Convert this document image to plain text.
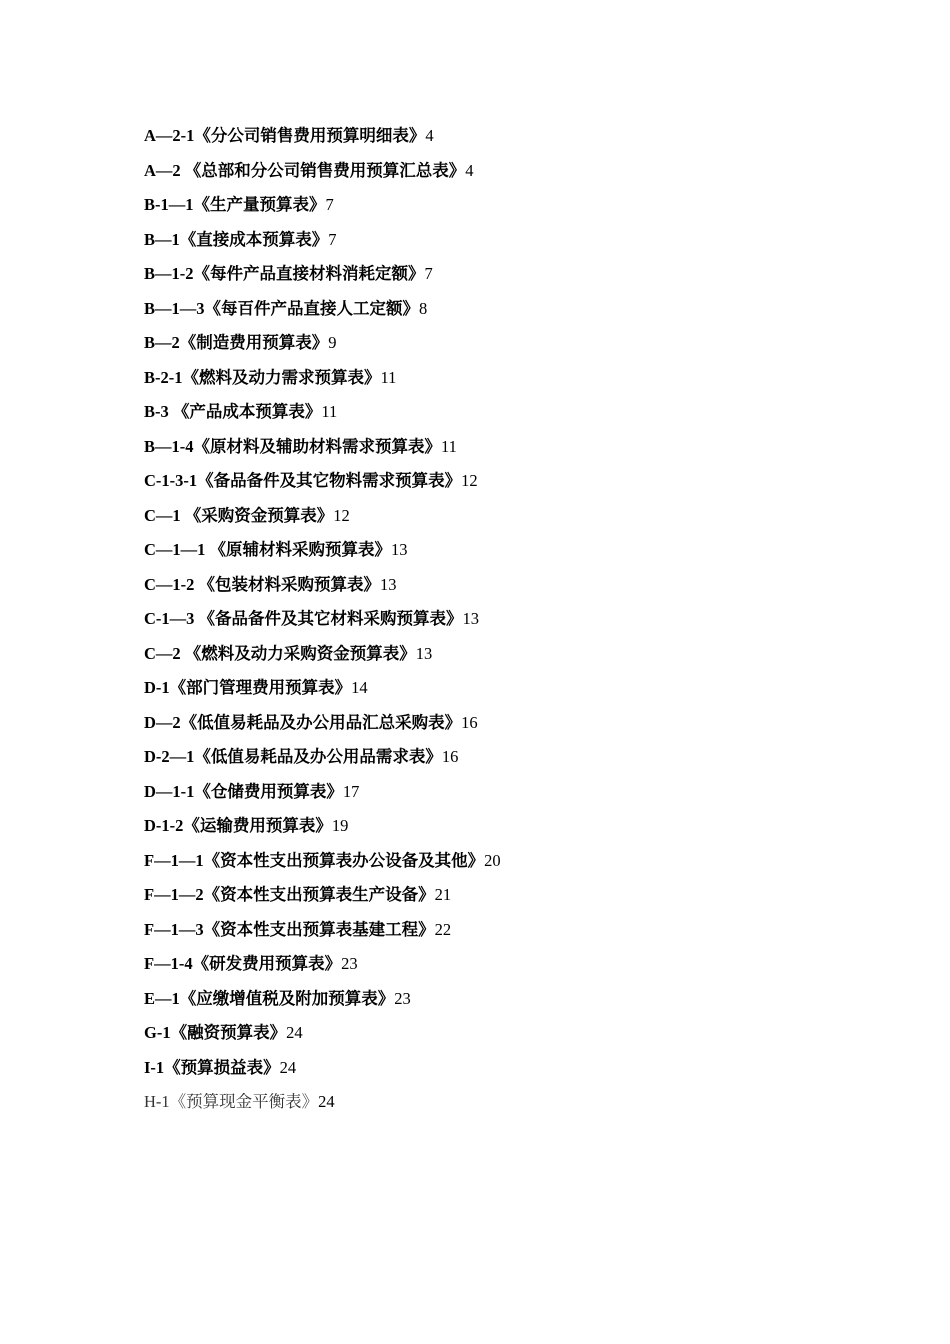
A—2-1《分公司销售费用预算明细表》4
A—2 《总部和分公司销售费用预算汇总表》4
B-1—1《生产量预算表》7
B—1《直接成本预算表》7
B—1-2《每件产品直接材料消耗定额》7
B—1—3《每百件产品直接人工定额》8
B—2《制造费用预算表》9
B-2-1《燃料及动力需求预算表》11
B-3 《产品成本预算表》11
B—1-4《原材料及辅助材料需求预算表》11
C-1-3-1《备品备件及其它物料需求预算表》12
C—1 《采购资金预算表》12
C—1—1 《原辅材料采购预算表》13
C—1-2 《包装材料采购预算表》13
C-1—3 《备品备件及其它材料采购预算表》13
C—2 《燃料及动力采购资金预算表》13
D-1《部门管理费用预算表》14
D—2《低值易耗品及办公用品汇总采购表》16
D-2—1《低值易耗品及办公用品需求表》16
D—1-1《仓储费用预算表》17
D-1-2《运输费用预算表》19
F—1—1《资本性支出预算表办公设备及其他》20
F—1—2《资本性支出预算表生产设备》21
F—1—3《资本性支出预算表基建工程》22
F—1-4《研发费用预算表》23
E—1《应缴增值税及附加预算表》23
G-1《融资预算表》24
I-1《预算损益表》24
H-1《预算现金平衡表》24
